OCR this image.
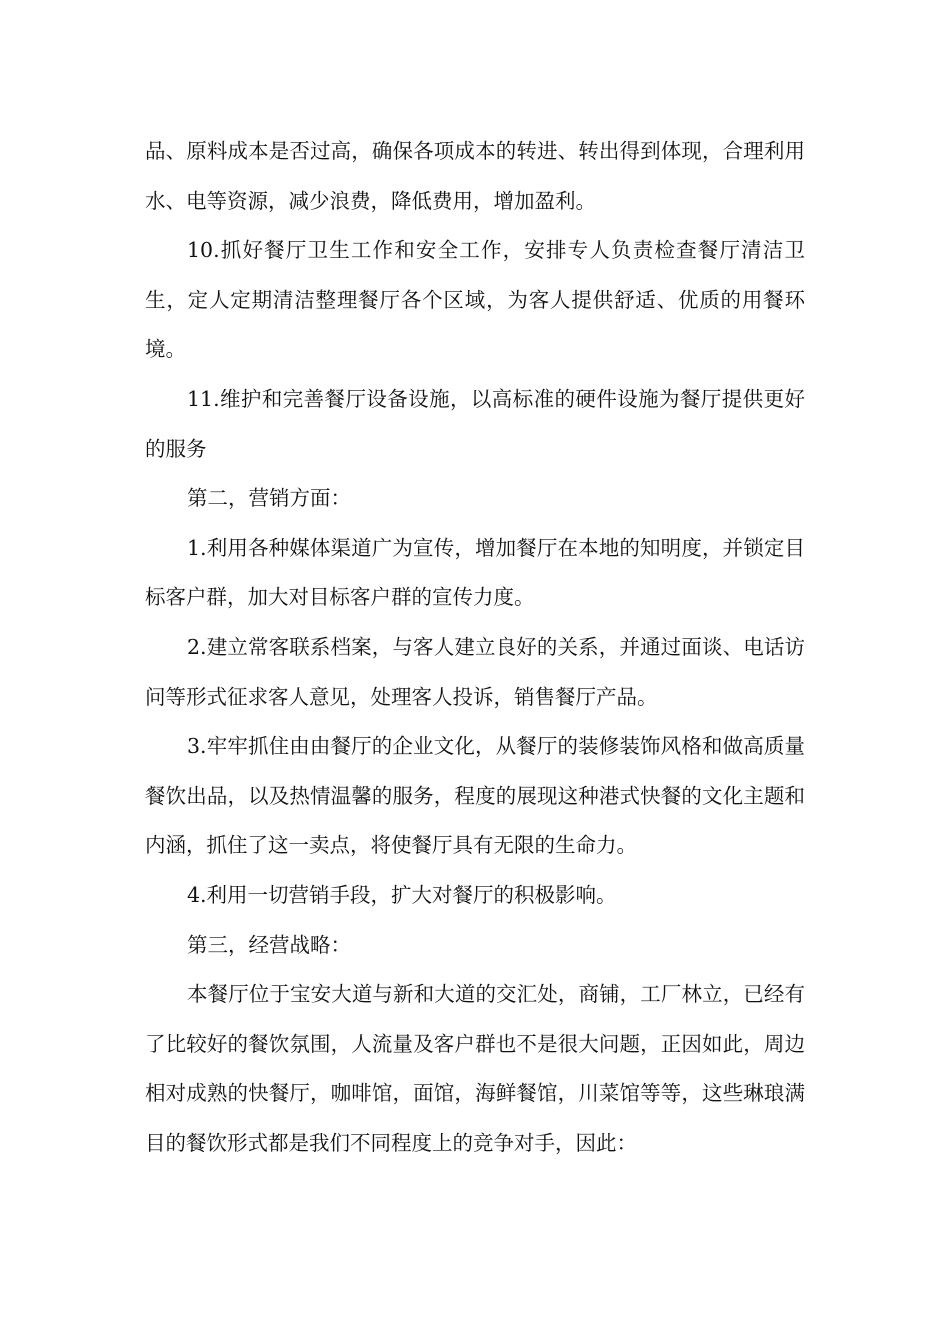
品、原料成本是否过高，确保各项成本的转进、转出得到体现，合理利用水、电等资源，减少浪费，降低费用，增加盈利。

10.抓好餐厅卫生工作和安全工作，安排专人负责检查餐厅清洁卫生，定人定期清洁整理餐厅各个区域，为客人提供舒适、优质的用餐环境。

11.维护和完善餐厅设备设施，以高标准的硬件设施为餐厅提供更好的服务

第二，营销方面：

1.利用各种媒体渠道广为宣传，增加餐厅在本地的知明度，并锁定目标客户群，加大对目标客户群的宣传力度。

2.建立常客联系档案，与客人建立良好的关系，并通过面谈、电话访问等形式征求客人意见，处理客人投诉，销售餐厅产品。

3.牢牢抓住由由餐厅的企业文化，从餐厅的装修装饰风格和做高质量餐饮出品，以及热情温馨的服务，程度的展现这种港式快餐的文化主题和内涵，抓住了这一卖点，将使餐厅具有无限的生命力。

4.利用一切营销手段，扩大对餐厅的积极影响。

第三，经营战略：

本餐厅位于宝安大道与新和大道的交汇处，商铺，工厂林立，已经有了比较好的餐饮氛围，人流量及客户群也不是很大问题，正因如此，周边相对成熟的快餐厅，咖啡馆，面馆，海鲜餐馆，川菜馆等等，这些琳琅满目的餐饮形式都是我们不同程度上的竞争对手，因此：
